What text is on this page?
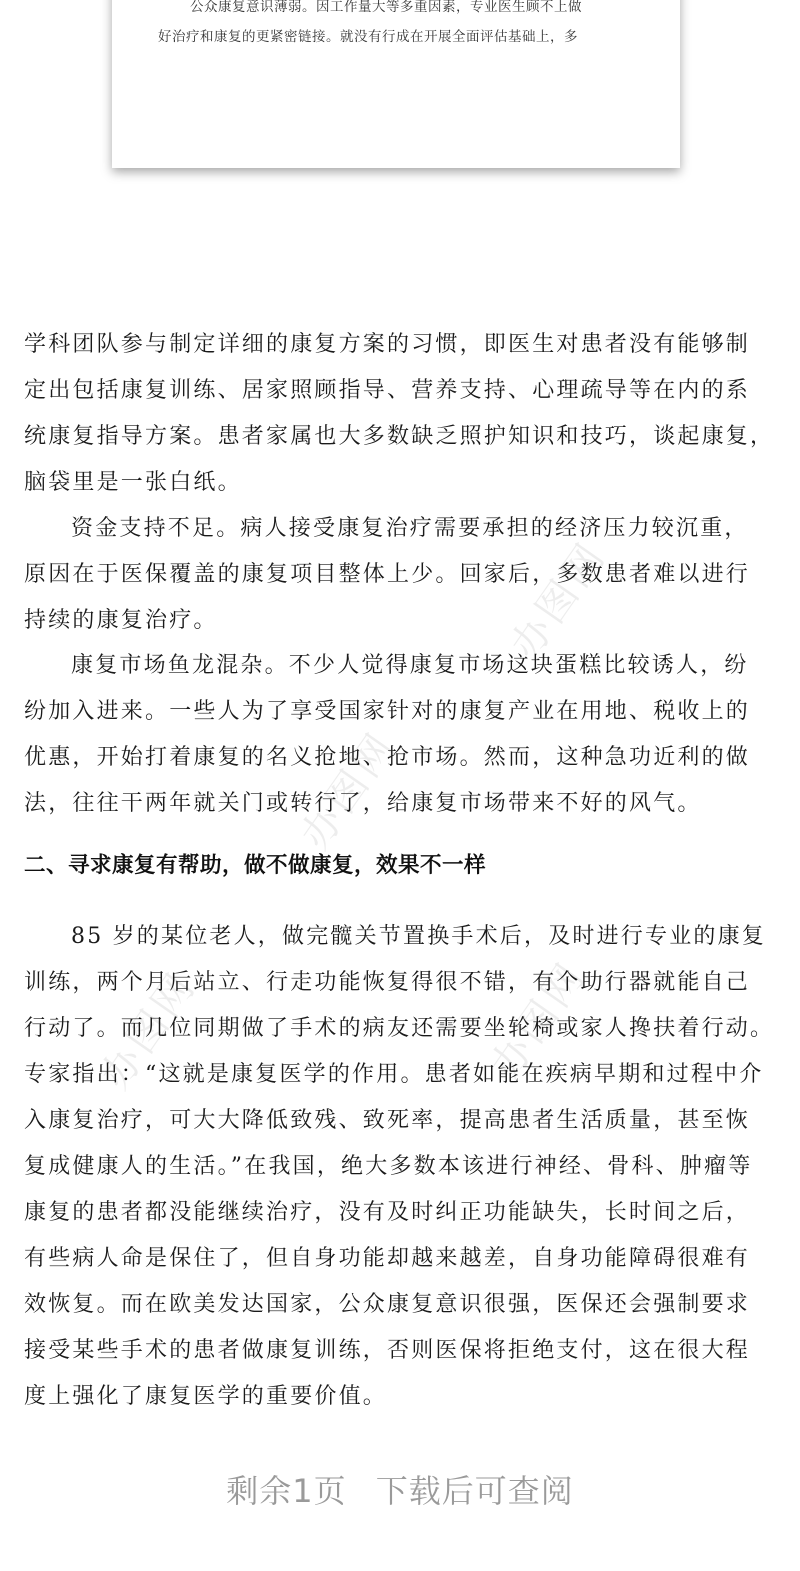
公众康复意识薄弱。因工作量大等多重因素，专业医生顾不上做
好治疗和康复的更紧密链接。就没有行成在开展全面评估基础上，多
办图网
办图网
办图网
办图网
学科团队参与制定详细的康复方案的习惯，即医生对患者没有能够制
定出包括康复训练、居家照顾指导、营养支持、心理疏导等在内的系
统康复指导方案。患者家属也大多数缺乏照护知识和技巧，谈起康复，
脑袋里是一张白纸。
资金支持不足。病人接受康复治疗需要承担的经济压力较沉重，
原因在于医保覆盖的康复项目整体上少。回家后，多数患者难以进行
持续的康复治疗。
康复市场鱼龙混杂。不少人觉得康复市场这块蛋糕比较诱人，纷
纷加入进来。一些人为了享受国家针对的康复产业在用地、税收上的
优惠，开始打着康复的名义抢地、抢市场。然而，这种急功近利的做
法，往往干两年就关门或转行了，给康复市场带来不好的风气。
二、寻求康复有帮助，做不做康复，效果不一样
85 岁的某位老人，做完髋关节置换手术后，及时进行专业的康复
训练，两个月后站立、行走功能恢复得很不错，有个助行器就能自己
行动了。而几位同期做了手术的病友还需要坐轮椅或家人搀扶着行动。
专家指出：“这就是康复医学的作用。患者如能在疾病早期和过程中介
入康复治疗，可大大降低致残、致死率，提高患者生活质量，甚至恢
复成健康人的生活。”在我国，绝大多数本该进行神经、骨科、肿瘤等
康复的患者都没能继续治疗，没有及时纠正功能缺失，长时间之后，
有些病人命是保住了，但自身功能却越来越差，自身功能障碍很难有
效恢复。而在欧美发达国家，公众康复意识很强，医保还会强制要求
接受某些手术的患者做康复训练，否则医保将拒绝支付，这在很大程
度上强化了康复医学的重要价值。
剩余1页 下载后可查阅
